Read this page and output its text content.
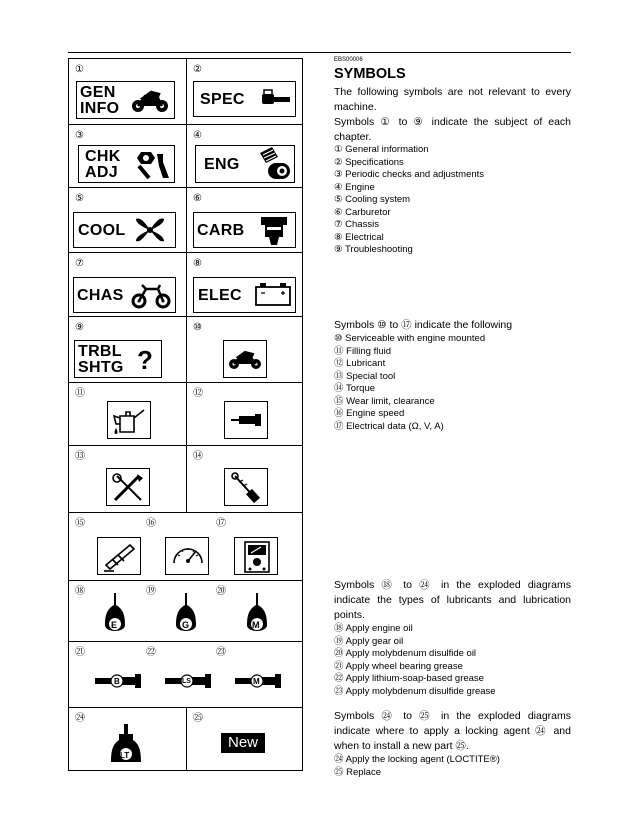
①	②
GEN
INFO
SPEC
③	④
CHK
ADJ	ENG
⑤	⑥
COOL	CARB
⑦	⑧
CHAS	ELEC
⑨	⑩
TRBL
SHTG ?
⑪	⑫
⑬	⑭
⑮	⑯	⑰
⑱	⑲	⑳
E	G	M
㉑	㉒	㉓
B	LS	M
㉔	㉕
LT
New
EBS00006
SYMBOLS
The following symbols are not relevant to every machine.
Symbols ① to ⑨ indicate the subject of each chapter.
① General information
② Specifications
③ Periodic checks and adjustments
④ Engine
⑤ Cooling system
⑥ Carburetor
⑦ Chassis
⑧ Electrical
⑨ Troubleshooting
Symbols ⑩ to ⑰ indicate the following
⑩ Serviceable with engine mounted
⑪ Filling fluid
⑫ Lubricant
⑬ Special tool
⑭ Torque
⑮ Wear limit, clearance
⑯ Engine speed
⑰ Electrical data (Ω, V, A)
Symbols ⑱ to ㉔ in the exploded diagrams indicate the types of lubricants and lubrication points.
⑱ Apply engine oil
⑲ Apply gear oil
⑳ Apply molybdenum disulfide oil
㉑ Apply wheel bearing grease
㉒ Apply lithium-soap-based grease
㉓ Apply molybdenum disulfide grease
Symbols ㉔ to ㉕ in the exploded diagrams indicate where to apply a locking agent ㉔ and when to install a new part ㉕.
㉔ Apply the locking agent (LOCTITE®)
㉕ Replace
